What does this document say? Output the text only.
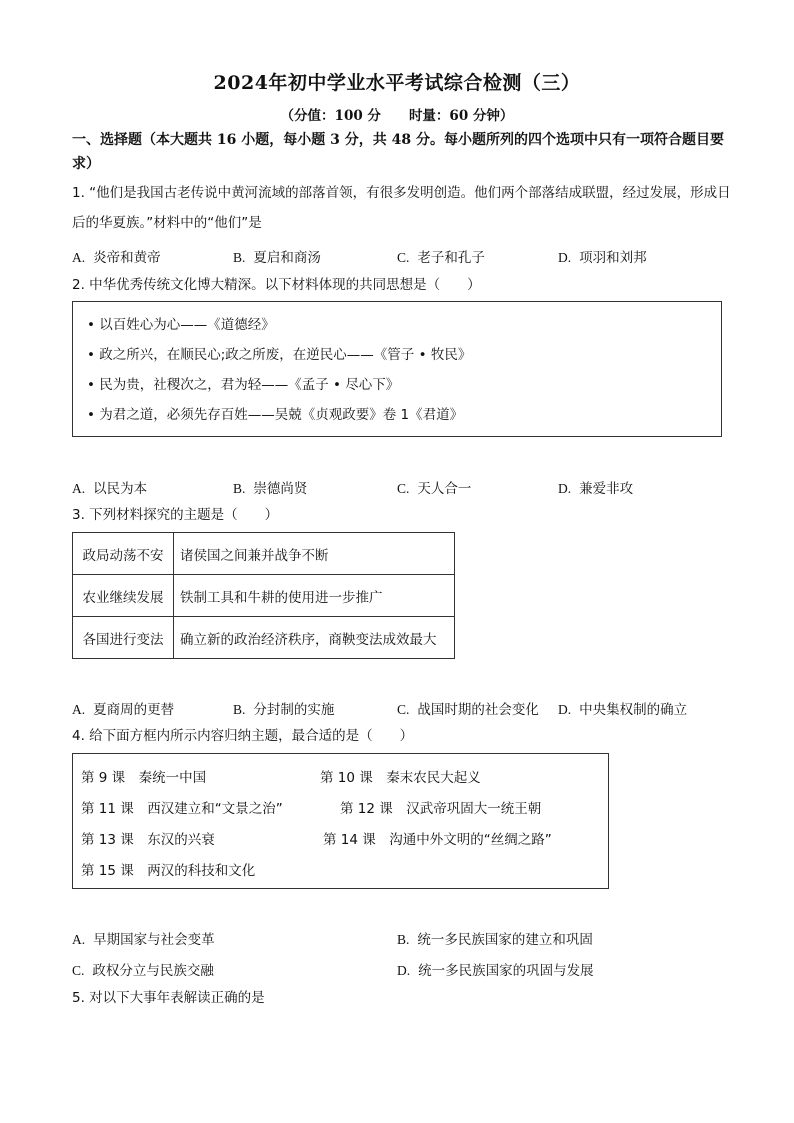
2024年初中学业水平考试综合检测（三）
（分值：100 分 时量：60 分钟）
一、选择题（本大题共 16 小题，每小题 3 分，共 48 分。每小题所列的四个选项中只有一项符合题目要求）
1. “他们是我国古老传说中黄河流域的部落首领，有很多发明创造。他们两个部落结成联盟，经过发展，形成日后的华夏族。”材料中的“他们”是
A. 炎帝和黄帝	B. 夏启和商汤	C. 老子和孔子	D. 项羽和刘邦
2. 中华优秀传统文化博大精深。以下材料体现的共同思想是（　　）
• 以百姓心为心——《道德经》
• 政之所兴，在顺民心;政之所废，在逆民心——《管子 • 牧民》
• 民为贵，社稷次之，君为轻——《孟子 • 尽心下》
• 为君之道，必须先存百姓——吴兢《贞观政要》卷 1《君道》
A. 以民为本	B. 崇德尚贤	C. 天人合一	D. 兼爱非攻
3. 下列材料探究的主题是（　　）
政局动荡不安	诸侯国之间兼并战争不断
农业继续发展	铁制工具和牛耕的使用进一步推广
各国进行变法	确立新的政治经济秩序，商鞅变法成效最大
A. 夏商周的更替	B. 分封制的实施	C. 战国时期的社会变化 D. 中央集权制的确立
4. 给下面方框内所示内容归纳主题，最合适的是（　　）
第 9 课　秦统一中国	第 10 课　秦末农民大起义
第 11 课　西汉建立和“文景之治”	第 12 课　汉武帝巩固大一统王朝
第 13 课　东汉的兴衰	第 14 课　沟通中外文明的“丝绸之路”
第 15 课　两汉的科技和文化
A. 早期国家与社会变革	B. 统一多民族国家的建立和巩固
C. 政权分立与民族交融	D. 统一多民族国家的巩固与发展
5. 对以下大事年表解读正确的是
